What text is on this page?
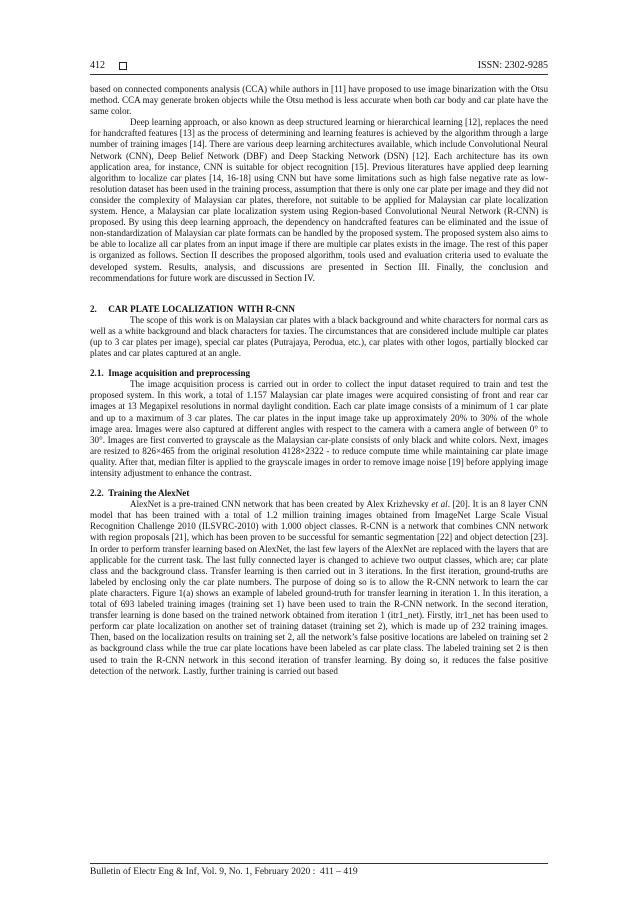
412	ISSN: 2302-9285

based on connected components analysis (CCA) while authors in [11] have proposed to use image binarization with the Otsu method. CCA may generate broken objects while the Otsu method is less accurate when both car body and car plate have the same color.

Deep learning approach, or also known as deep structured learning or hierarchical learning [12], replaces the need for handcrafted features [13] as the process of determining and learning features is achieved by the algorithm through a large number of training images [14]. There are various deep learning architectures available, which include Convolutional Neural Network (CNN), Deep Belief Network (DBF) and Deep Stacking Network (DSN) [12]. Each architecture has its own application area, for instance, CNN is suitable for object recognition [15]. Previous literatures have applied deep learning algorithm to localize car plates [14, 16-18] using CNN but have some limitations such as high false negative rate as low-resolution dataset has been used in the training process, assumption that there is only one car plate per image and they did not consider the complexity of Malaysian car plates, therefore, not suitable to be applied for Malaysian car plate localization system. Hence, a Malaysian car plate localization system using Region-based Convolutional Neural Network (R-CNN) is proposed. By using this deep learning approach, the dependency on handcrafted features can be eliminated and the issue of non-standardization of Malaysian car plate formats can be handled by the proposed system. The proposed system also aims to be able to localize all car plates from an input image if there are multiple car plates exists in the image. The rest of this paper is organized as follows. Section II describes the proposed algorithm, tools used and evaluation criteria used to evaluate the developed system. Results, analysis, and discussions are presented in Section III. Finally, the conclusion and recommendations for future work are discussed in Section IV.

2.     CAR PLATE LOCALIZATION  WITH R-CNN

The scope of this work is on Malaysian car plates with a black background and white characters for normal cars as well as a white background and black characters for taxies. The circumstances that are considered include multiple car plates (up to 3 car plates per image), special car plates (Putrajaya, Perodua, etc.), car plates with other logos, partially blocked car plates and car plates captured at an angle.

2.1.  Image acquisition and preprocessing

The image acquisition process is carried out in order to collect the input dataset required to train and test the proposed system. In this work, a total of 1.157 Malaysian car plate images were acquired consisting of front and rear car images at 13 Megapixel resolutions in normal daylight condition. Each car plate image consists of a minimum of 1 car plate and up to a maximum of 3 car plates. The car plates in the input image take up approximately 20% to 30% of the whole image area. Images were also captured at different angles with respect to the camera with a camera angle of between 0° to 30°. Images are first converted to grayscale as the Malaysian car-plate consists of only black and white colors. Next, images are resized to 826×465 from the original resolution 4128×2322 - to reduce compute time while maintaining car plate image quality. After that, median filter is applied to the grayscale images in order to remove image noise [19] before applying image intensity adjustment to enhance the contrast.

2.2.  Training the AlexNet

AlexNet is a pre-trained CNN network that has been created by Alex Krizhevsky et al. [20]. It is an 8 layer CNN model that has been trained with a total of 1.2 million training images obtained from ImageNet Large Scale Visual Recognition Challenge 2010 (ILSVRC-2010) with 1.000 object classes. R-CNN is a network that combines CNN network with region proposals [21], which has been proven to be successful for semantic segmentation [22] and object detection [23]. In order to perform transfer learning based on AlexNet, the last few layers of the AlexNet are replaced with the layers that are applicable for the current task. The last fully connected layer is changed to achieve two output classes, which are; car plate class and the background class. Transfer learning is then carried out in 3 iterations. In the first iteration, ground-truths are labeled by enclosing only the car plate numbers. The purpose of doing so is to allow the R-CNN network to learn the car plate characters. Figure 1(a) shows an example of labeled ground-truth for transfer learning in iteration 1. In this iteration, a total of 693 labeled training images (training set 1) have been used to train the R-CNN network. In the second iteration, transfer learning is done based on the trained network obtained from iteration 1 (itr1_net). Firstly, itr1_net has been used to perform car plate localization on another set of training dataset (training set 2), which is made up of 232 training images. Then, based on the localization results on training set 2, all the network’s false positive locations are labeled on training set 2 as background class while the true car plate locations have been labeled as car plate class. The labeled training set 2 is then used to train the R-CNN network in this second iteration of transfer learning. By doing so, it reduces the false positive detection of the network. Lastly, further training is carried out based

Bulletin of Electr Eng & Inf, Vol. 9, No. 1, February 2020 :  411 – 419
